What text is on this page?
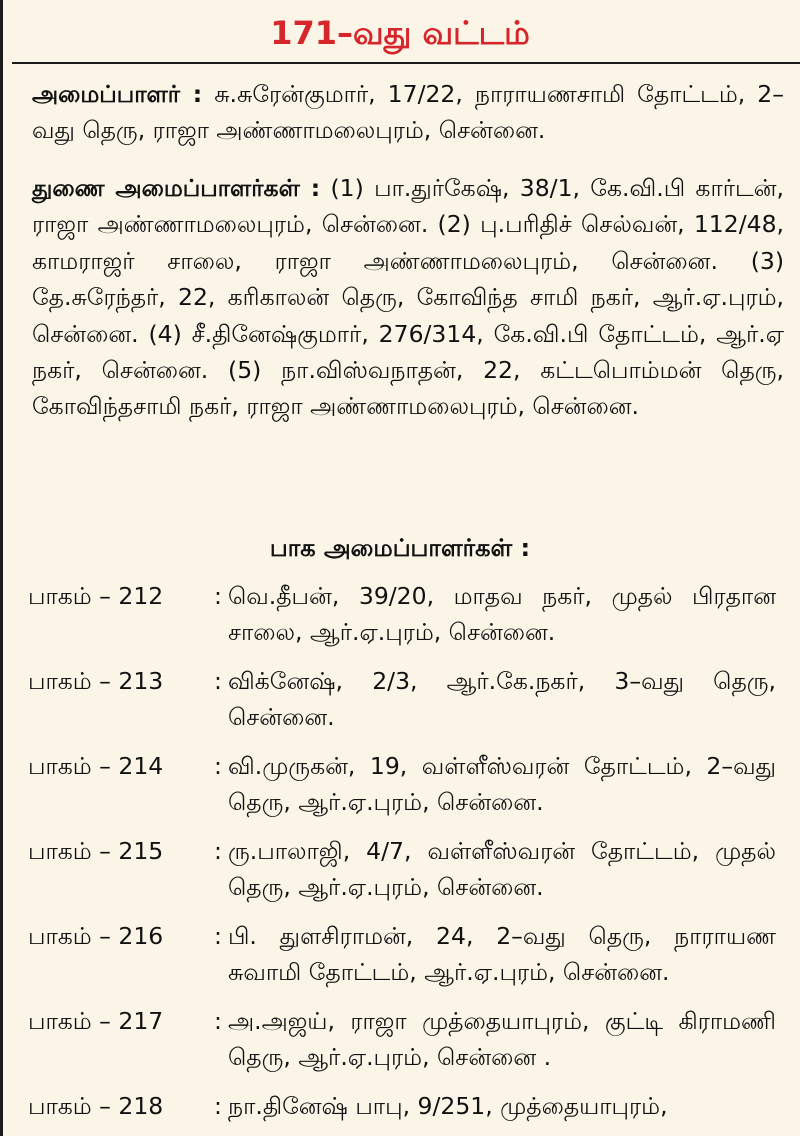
171–வது வட்டம்
அமைப்பாளர் : சு.சுரேன்குமார், 17/22, நாராயணசாமி தோட்டம், 2–வது தெரு, ராஜா அண்ணாமலைபுரம், சென்னை.
துணை அமைப்பாளர்கள் : (1) பா.துர்கேஷ், 38/1, கே.வி.பி கார்டன், ராஜா அண்ணாமலைபுரம், சென்னை. (2) பு.பரிதிச் செல்வன், 112/48, காமராஜர் சாலை, ராஜா அண்ணாமலைபுரம், சென்னை. (3) தே.சுரேந்தர், 22, கரிகாலன் தெரு, கோவிந்த சாமி நகர், ஆர்.ஏ.புரம், சென்னை. (4) சீ.தினேஷ்குமார், 276/314, கே.வி.பி தோட்டம், ஆர்.ஏ நகர், சென்னை. (5) நா.விஸ்வநாதன், 22, கட்டபொம்மன் தெரு, கோவிந்தசாமி நகர், ராஜா அண்ணாமலைபுரம், சென்னை.
பாக அமைப்பாளர்கள் :
பாகம் – 212	: வெ.தீபன், 39/20, மாதவ நகர், முதல் பிரதான சாலை, ஆர்.ஏ.புரம், சென்னை.
பாகம் – 213	: விக்னேஷ், 2/3, ஆர்.கே.நகர், 3–வது தெரு, சென்னை.
பாகம் – 214	: வி.முருகன், 19, வள்ளீஸ்வரன் தோட்டம், 2–வது தெரு, ஆர்.ஏ.புரம், சென்னை.
பாகம் – 215	: ரு.பாலாஜி, 4/7, வள்ளீஸ்வரன் தோட்டம், முதல் தெரு, ஆர்.ஏ.புரம், சென்னை.
பாகம் – 216	: பி. துளசிராமன், 24, 2–வது தெரு, நாராயண சுவாமி தோட்டம், ஆர்.ஏ.புரம், சென்னை.
பாகம் – 217	: அ.அஜய், ராஜா முத்தையாபுரம், குட்டி கிராமணி தெரு, ஆர்.ஏ.புரம், சென்னை .
பாகம் – 218	: நா.தினேஷ் பாபு, 9/251, முத்தையாபுரம்,
